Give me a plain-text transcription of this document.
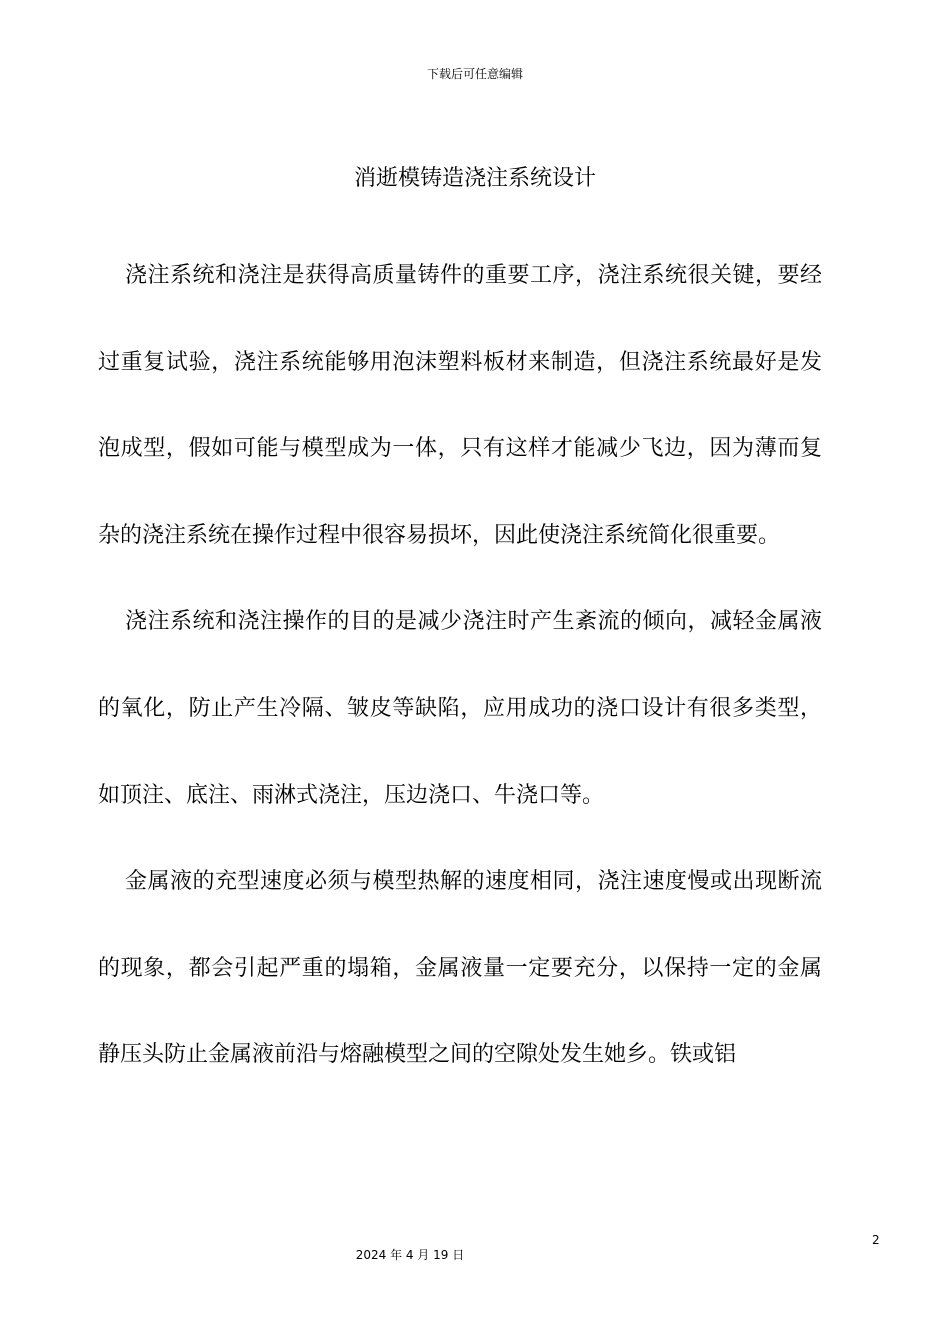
下载后可任意编辑
消逝模铸造浇注系统设计

浇注系统和浇注是获得高质量铸件的重要工序，浇注系统很关键，要经过重复试验，浇注系统能够用泡沫塑料板材来制造，但浇注系统最好是发泡成型，假如可能与模型成为一体，只有这样才能减少飞边，因为薄而复杂的浇注系统在操作过程中很容易损坏，因此使浇注系统简化很重要。

浇注系统和浇注操作的目的是减少浇注时产生紊流的倾向，减轻金属液的氧化，防止产生冷隔、皱皮等缺陷，应用成功的浇口设计有很多类型，如顶注、底注、雨淋式浇注，压边浇口、牛浇口等。

金属液的充型速度必须与模型热解的速度相同，浇注速度慢或出现断流的现象，都会引起严重的塌箱，金属液量一定要充分，以保持一定的金属静压头防止金属液前沿与熔融模型之间的空隙处发生她乡。铁或铝

2
2024 年 4 月 19 日
